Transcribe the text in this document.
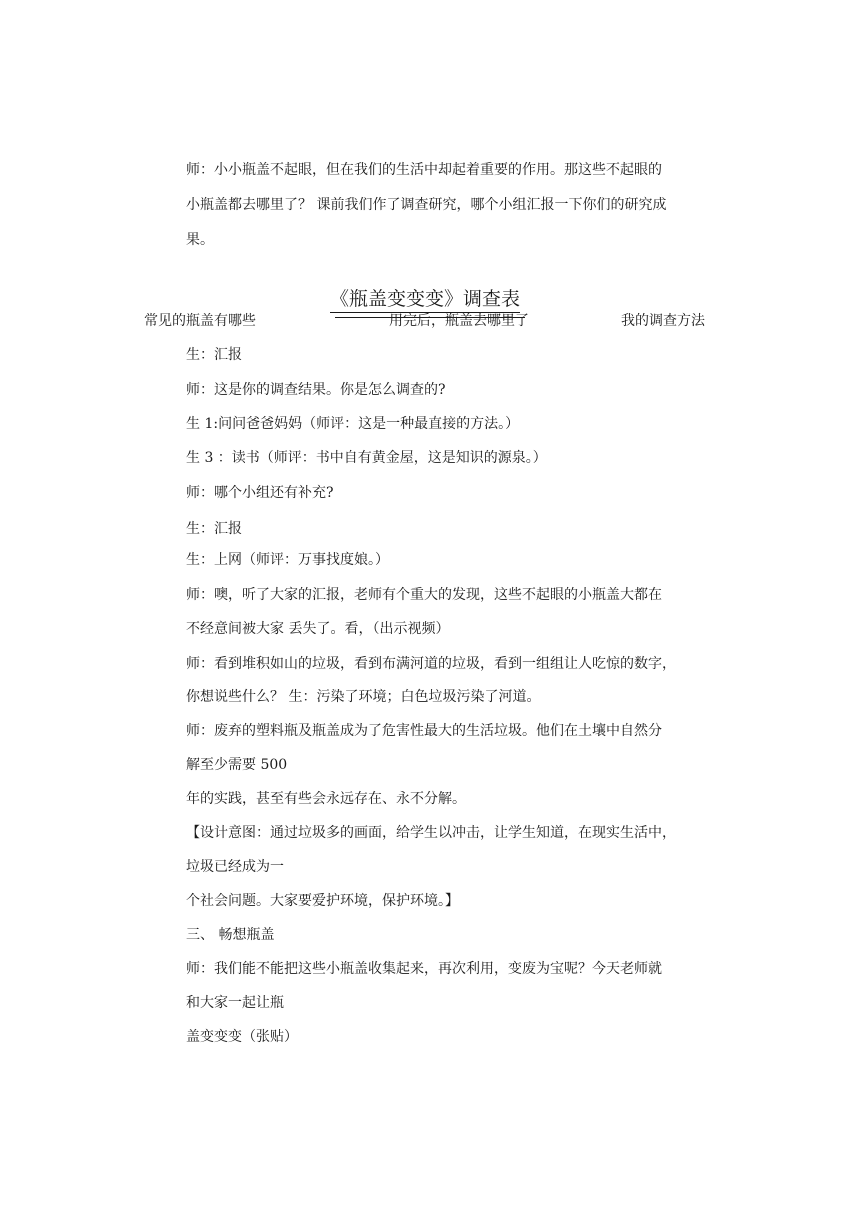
师：小小瓶盖不起眼，但在我们的生活中却起着重要的作用。那这些不起眼的
小瓶盖都去哪里了？ 课前我们作了调查研究，哪个小组汇报一下你们的研究成
果。
《瓶盖变变变》调查表
常见的瓶盖有哪些	用完后，瓶盖去哪里了	我的调查方法
生：汇报
师：这是你的调查结果。你是怎么调查的?
生 1:问问爸爸妈妈（师评：这是一种最直接的方法。）
生 3 ：读书（师评：书中自有黄金屋，这是知识的源泉。）
师：哪个小组还有补充?
生：汇报
生：上网（师评：万事找度娘。）
师：噢，听了大家的汇报，老师有个重大的发现，这些不起眼的小瓶盖大都在
不经意间被大家 丢失了。看，（出示视频）
师：看到堆积如山的垃圾，看到布满河道的垃圾，看到一组组让人吃惊的数字，
你想说些什么？ 生：污染了环境；白色垃圾污染了河道。
师：废弃的塑料瓶及瓶盖成为了危害性最大的生活垃圾。他们在土壤中自然分
解至少需要 500
年的实践，甚至有些会永远存在、永不分解。
【设计意图：通过垃圾多的画面，给学生以冲击，让学生知道，在现实生活中，
垃圾已经成为一
个社会问题。大家要爱护环境，保护环境。】
三、 畅想瓶盖
师：我们能不能把这些小瓶盖收集起来，再次利用，变废为宝呢？今天老师就
和大家一起让瓶
盖变变变（张贴）
